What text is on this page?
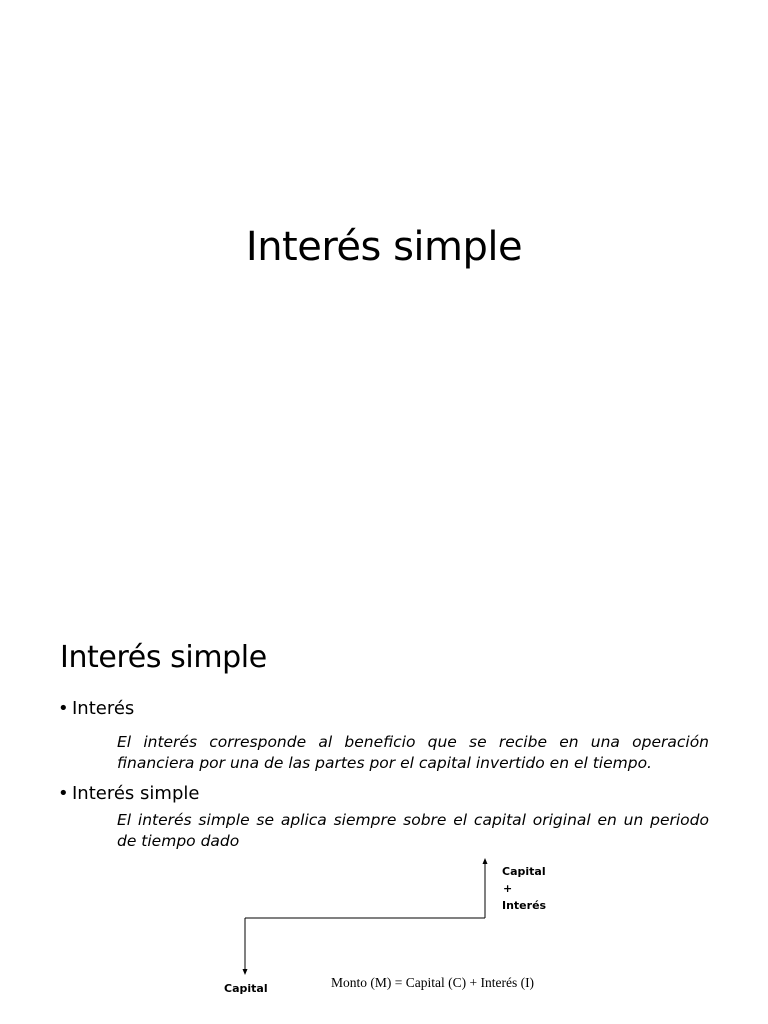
Interés simple
Interés simple
• Interés
El interés corresponde al beneficio que se recibe en una operación financiera por una de las partes por el capital invertido en el tiempo.
• Interés simple
El interés simple se aplica siempre sobre el capital original en un periodo de tiempo dado
Capital
+
Interés
Capital	Monto (M) = Capital (C) + Interés (I)
